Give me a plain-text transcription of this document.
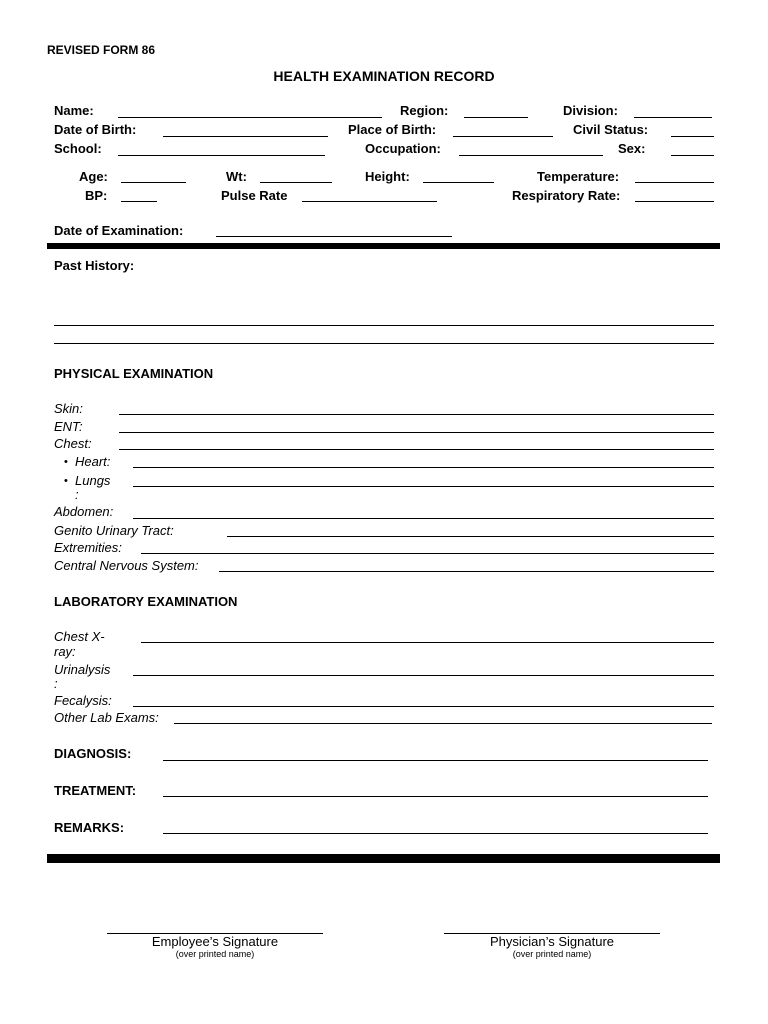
REVISED FORM 86
HEALTH EXAMINATION RECORD
Name:	Region:	Division:
Date of Birth:	Place of Birth:	Civil Status:
School:	Occupation:	Sex:
Age:	Wt:	Height:	Temperature:
BP:	Pulse Rate	Respiratory Rate:
Date of Examination:
Past History:
PHYSICAL EXAMINATION
Skin:
ENT:
Chest:
• Heart:
• Lungs
:
Abdomen:
Genito Urinary Tract:
Extremities:
Central Nervous System:
LABORATORY EXAMINATION
Chest X-
ray:
Urinalysis
:
Fecalysis:
Other Lab Exams:
DIAGNOSIS:
TREATMENT:
REMARKS:
Employee’s Signature
(over printed name)
Physician’s Signature
(over printed name)
